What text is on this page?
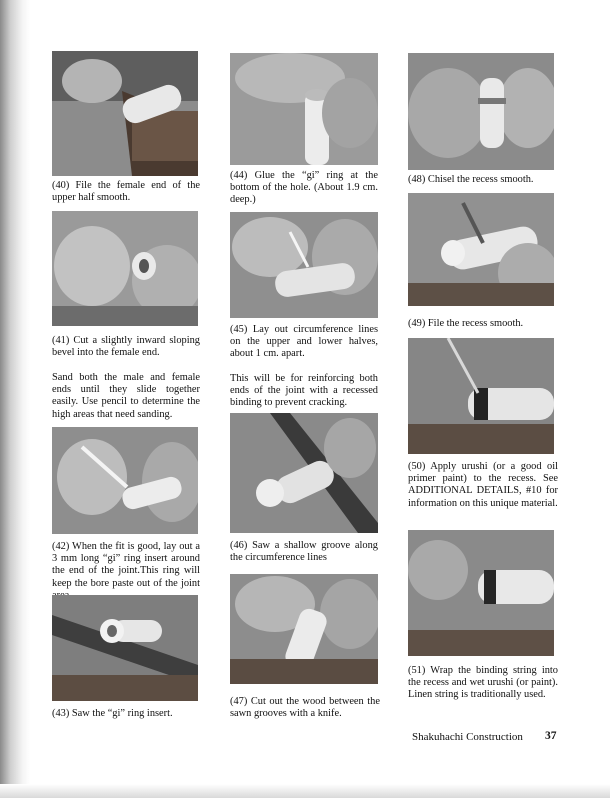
(40) File the female end of the upper half smooth.
(41) Cut a slightly inward sloping bevel into the female end.
Sand both the male and female ends until they slide together easily. Use pencil to determine the high areas that need sanding.
(42) When the fit is good, lay out a 3 mm long “gi” ring insert around the end of the joint.This ring will keep the bore paste out of the joint
(43) Saw the “gi” ring insert.
(44) Glue the “gi” ring at the bottom of the hole. (About 1.9 cm. deep.)
(45) Lay out circumference lines on the upper and lower halves, about 1 cm. apart.
This will be for reinforcing both ends of the joint with a recessed binding to prevent cracking.
(46) Saw a shallow groove along the circumference lines
(47) Cut out the wood between the sawn grooves with a knife.
(48) Chisel the recess smooth.
(49) File the recess smooth.
(50) Apply urushi (or a good oil primer paint) to the recess. See ADDITIONAL DETAILS, #10 for information on this unique material.
(51) Wrap the binding string into the recess and wet urushi (or paint). Linen string is traditionally used.
Shakuhachi Construction 37
